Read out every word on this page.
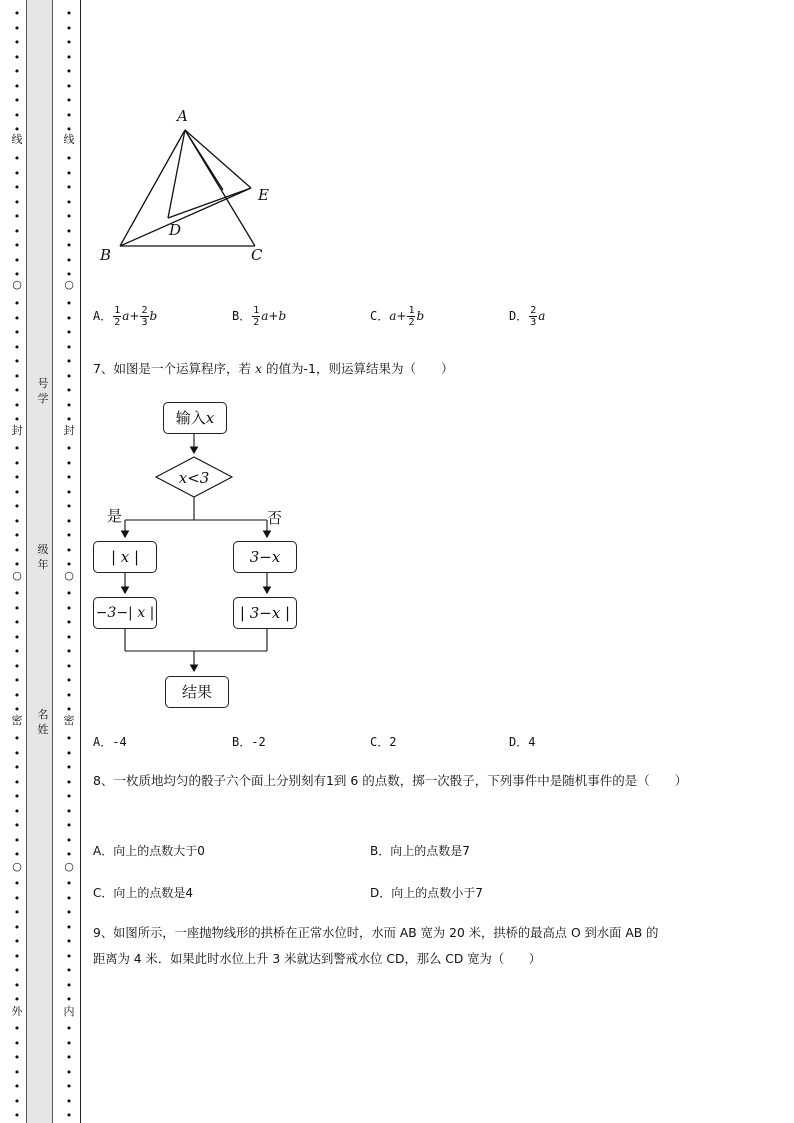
•
•
•
•
•
•
•
•
•
•
•
•
•
•
•
•
•
•
•
•
•
•
•
•
•
•
•
•
•
•
•
•
•
•
•
•
•
•
•
•
•
•
•
•
•
•
•
•
•
•
•
•
•
•
•
•
•
•
•
•
•
•
•
•
•
•
•
•
•
•
○
○
○
线
封
密
外
•
•
•
•
•
•
•
•
•
•
•
•
•
•
•
•
•
•
•
•
•
•
•
•
•
•
•
•
•
•
•
•
•
•
•
•
•
•
•
•
•
•
•
•
•
•
•
•
•
•
•
•
•
•
•
•
•
•
•
•
•
•
•
•
•
•
•
•
•
•
○
○
○
线
封
密
内
号学
级年
名姓
A
B	C
D
E
A． $\frac{1}{2} a+ \frac{2}{3}$ b	B． $\frac{1}{2} a+b$	C．$a+ \frac{1}{2}$ b	D． $\frac{2}{3}$ a
7、如图是一个运算程序，若 x 的值为-1，则运算结果为（　　）
x<3
是	否
输入x
| x |	3−x
−3−| x |	| 3−x |
结果
A．-4	B．-2	C．2	D．4
8、一枚质地均匀的骰子六个面上分别刻有1到 6 的点数，掷一次骰子，下列事件中是随机事件的是（　　）
A．向上的点数大于0	B．向上的点数是7
C．向上的点数是4	D．向上的点数小于7
9、如图所示，一座抛物线形的拱桥在正常水位时，水而 AB 宽为 20 米，拱桥的最高点 O 到水面 AB 的
距离为 4 米．如果此时水位上升 3 米就达到警戒水位 CD，那么 CD 宽为（　　）
